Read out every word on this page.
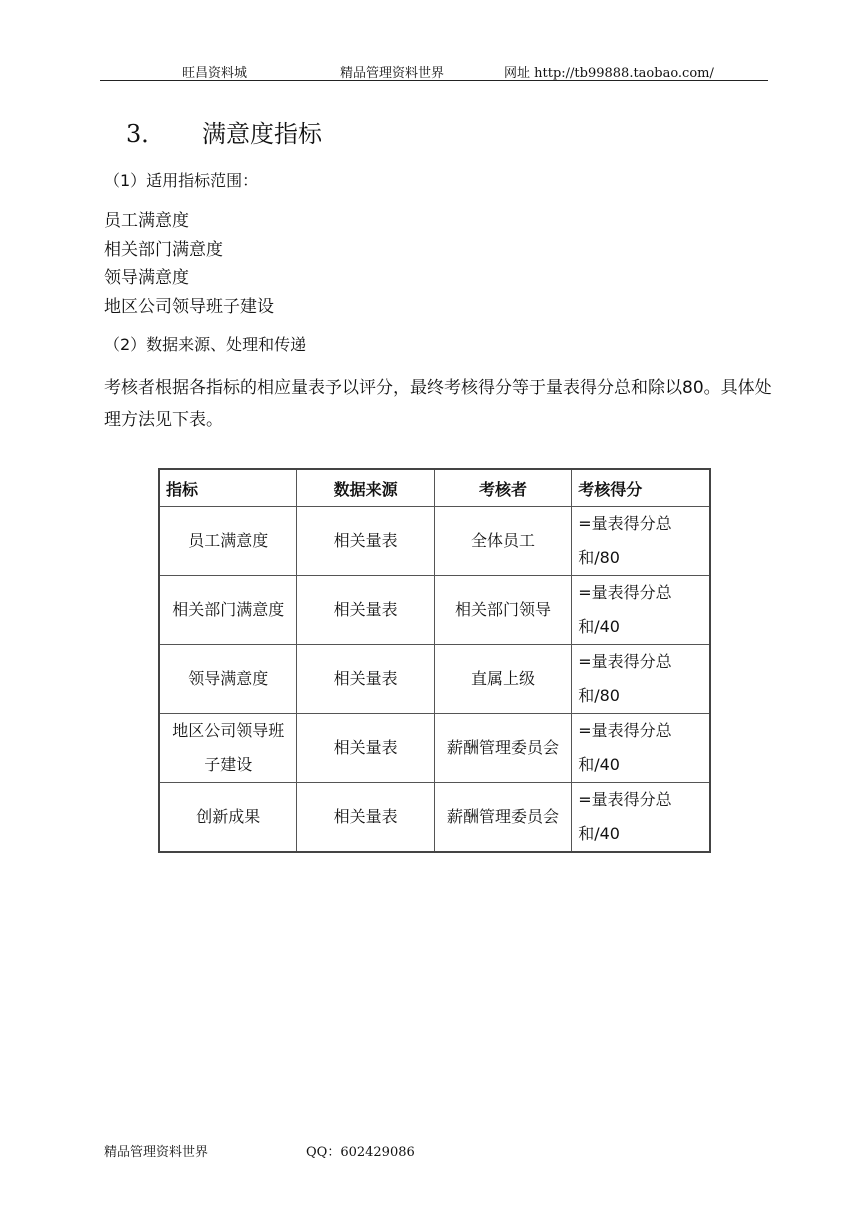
旺昌资料城	精品管理资料世界	网址 http://tb99888.taobao.com/
3． 满意度指标
（1）适用指标范围：
员工满意度
相关部门满意度
领导满意度
地区公司领导班子建设
（2）数据来源、处理和传递
考核者根据各指标的相应量表予以评分，最终考核得分等于量表得分总和除以80。具体处理方法见下表。
指标	数据来源	考核者	考核得分
员工满意度	相关量表	全体员工	=量表得分总和/80
相关部门满意度	相关量表	相关部门领导	=量表得分总和/40
领导满意度	相关量表	直属上级	=量表得分总和/80
地区公司领导班子建设	相关量表	薪酬管理委员会	=量表得分总和/40
创新成果	相关量表	薪酬管理委员会	=量表得分总和/40
精品管理资料世界	QQ：602429086
